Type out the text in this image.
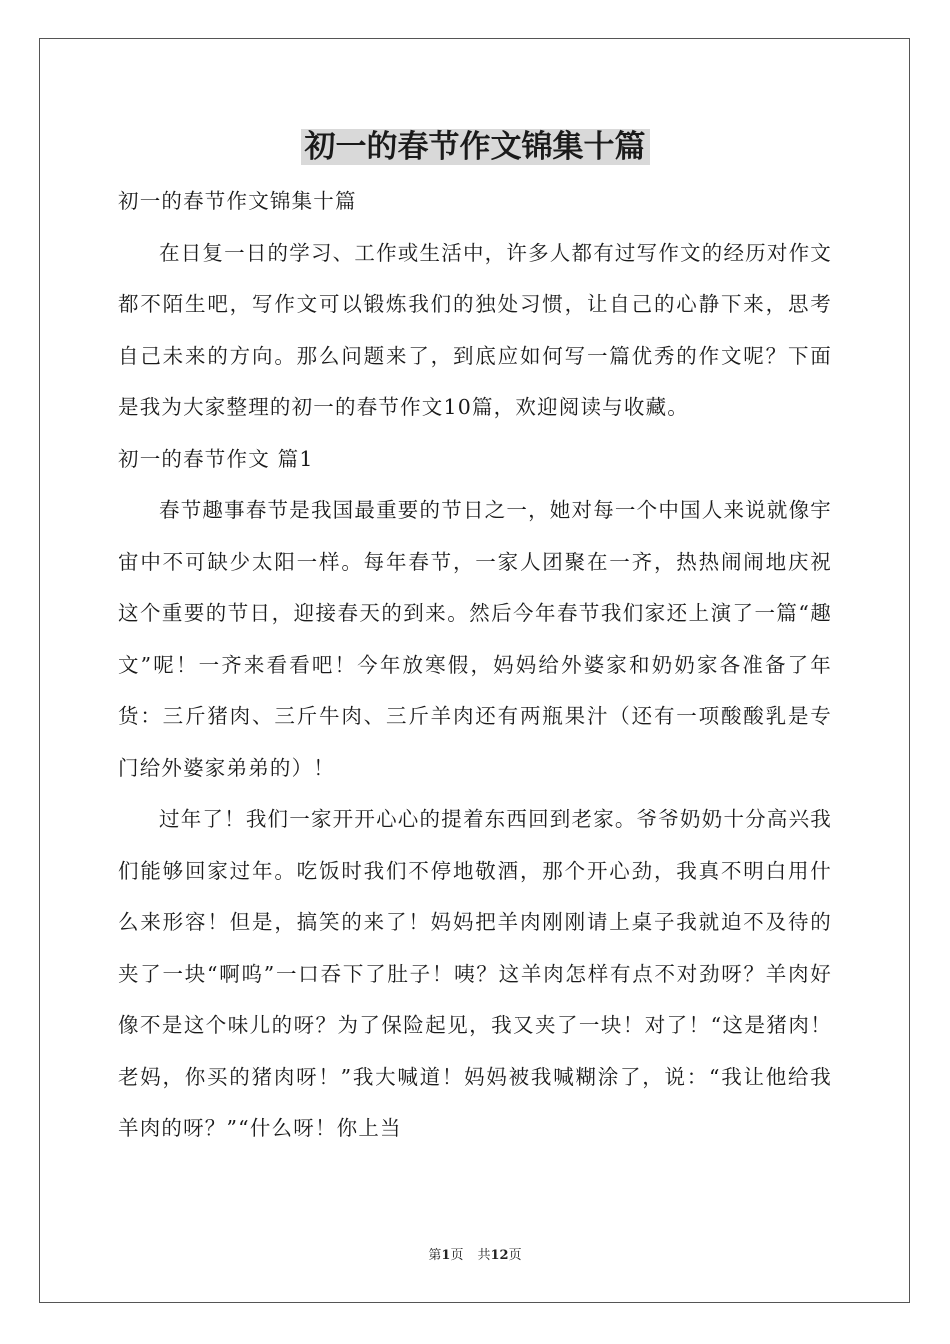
初一的春节作文锦集十篇

初一的春节作文锦集十篇

在日复一日的学习、工作或生活中，许多人都有过写作文的经历对作文都不陌生吧，写作文可以锻炼我们的独处习惯，让自己的心静下来，思考自己未来的方向。那么问题来了，到底应如何写一篇优秀的作文呢？下面是我为大家整理的初一的春节作文10篇，欢迎阅读与收藏。

初一的春节作文 篇1

春节趣事春节是我国最重要的节日之一，她对每一个中国人来说就像宇宙中不可缺少太阳一样。每年春节，一家人团聚在一齐，热热闹闹地庆祝这个重要的节日，迎接春天的到来。然后今年春节我们家还上演了一篇“趣文”呢！一齐来看看吧！今年放寒假，妈妈给外婆家和奶奶家各准备了年货：三斤猪肉、三斤牛肉、三斤羊肉还有两瓶果汁（还有一项酸酸乳是专门给外婆家弟弟的）！

过年了！我们一家开开心心的提着东西回到老家。爷爷奶奶十分高兴我们能够回家过年。吃饭时我们不停地敬酒，那个开心劲，我真不明白用什么来形容！但是，搞笑的来了！妈妈把羊肉刚刚请上桌子我就迫不及待的夹了一块“啊呜”一口吞下了肚子！咦？这羊肉怎样有点不对劲呀？羊肉好像不是这个味儿的呀？为了保险起见，我又夹了一块！对了！“这是猪肉！老妈，你买的猪肉呀！”我大喊道！妈妈被我喊糊涂了，说：“我让他给我羊肉的呀？”“什么呀！你上当

第1页 共12页
